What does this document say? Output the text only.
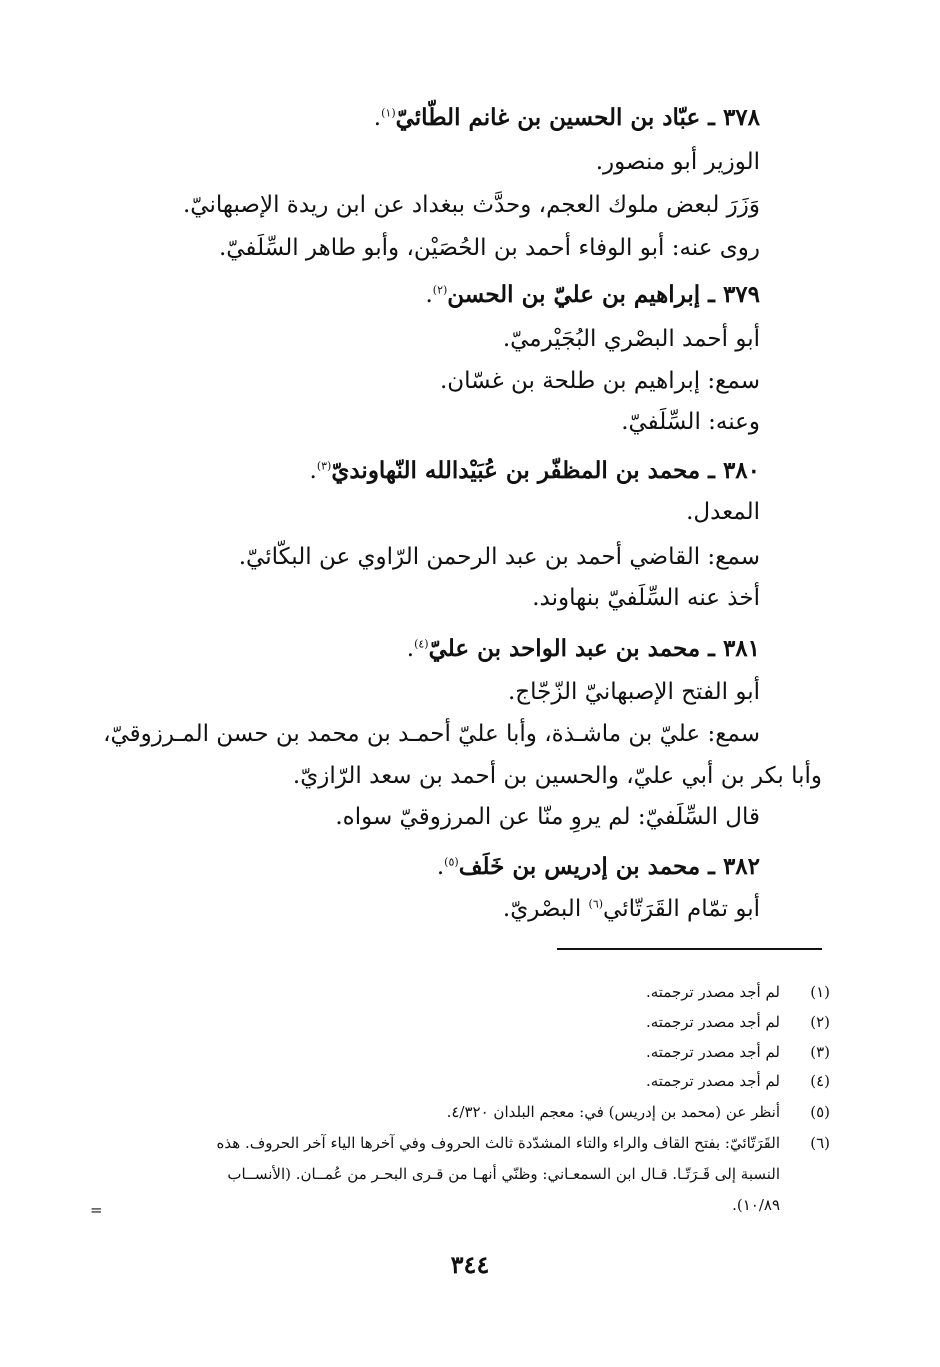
٣٧٨ ـ عبّاد بن الحسين بن غانم الطّائيّ$^{(١)}$.
الوزير أبو منصور.
وَزَرَ لبعض ملوك العجم، وحدَّث ببغداد عن ابن ريدة الإصبهانيّ.
روى عنه: أبو الوفاء أحمد بن الحُصَيْن، وأبو طاهر السِّلَفيّ.
٣٧٩ ـ إبراهيم بن عليّ بن الحسن$^{(٢)}$.
أبو أحمد البصْري البُجَيْرميّ.
سمع: إبراهيم بن طلحة بن غسّان.
وعنه: السِّلَفيّ.
٣٨٠ ـ محمد بن المظفّر بن عُبَيْدالله النّهاونديّ$^{(٣)}$.
المعدل.
سمع: القاضي أحمد بن عبد الرحمن الرّاوي عن البكّائيّ.
أخذ عنه السِّلَفيّ بنهاوند.
٣٨١ ـ محمد بن عبد الواحد بن عليّ$^{(٤)}$.
أبو الفتح الإصبهانيّ الزّجّاج.
سمع: عليّ بن ماشـذة، وأبا عليّ أحمـد بن محمد بن حسن المـرزوقيّ،
وأبا بكر بن أبي عليّ، والحسين بن أحمد بن سعد الرّازيّ.
قال السِّلَفيّ: لم يروِ منّا عن المرزوقيّ سواه.
٣٨٢ ـ محمد بن إدريس بن خَلَف$^{(٥)}$.
أبو تمّام القَرَتّائي$^{(٦)}$ البصْريّ.
(١)لم أجد مصدر ترجمته.
(٢)لم أجد مصدر ترجمته.
(٣)لم أجد مصدر ترجمته.
(٤)لم أجد مصدر ترجمته.
(٥)أنظر عن (محمد بن إدريس) في: معجم البلدان ٤/٣٢٠.
(٦)القَرَتّائيّ: بفتح القاف والراء والتاء المشدّدة ثالث الحروف وفي آخرها الياء آخر الحروف. هذه
النسبة إلى قَـرَتّـا. قـال ابن السمعـاني: وظنّي أنهـا من قـرى البحـر من عُمــان. (الأنســاب
١٠/٨٩).
=
٣٤٤
